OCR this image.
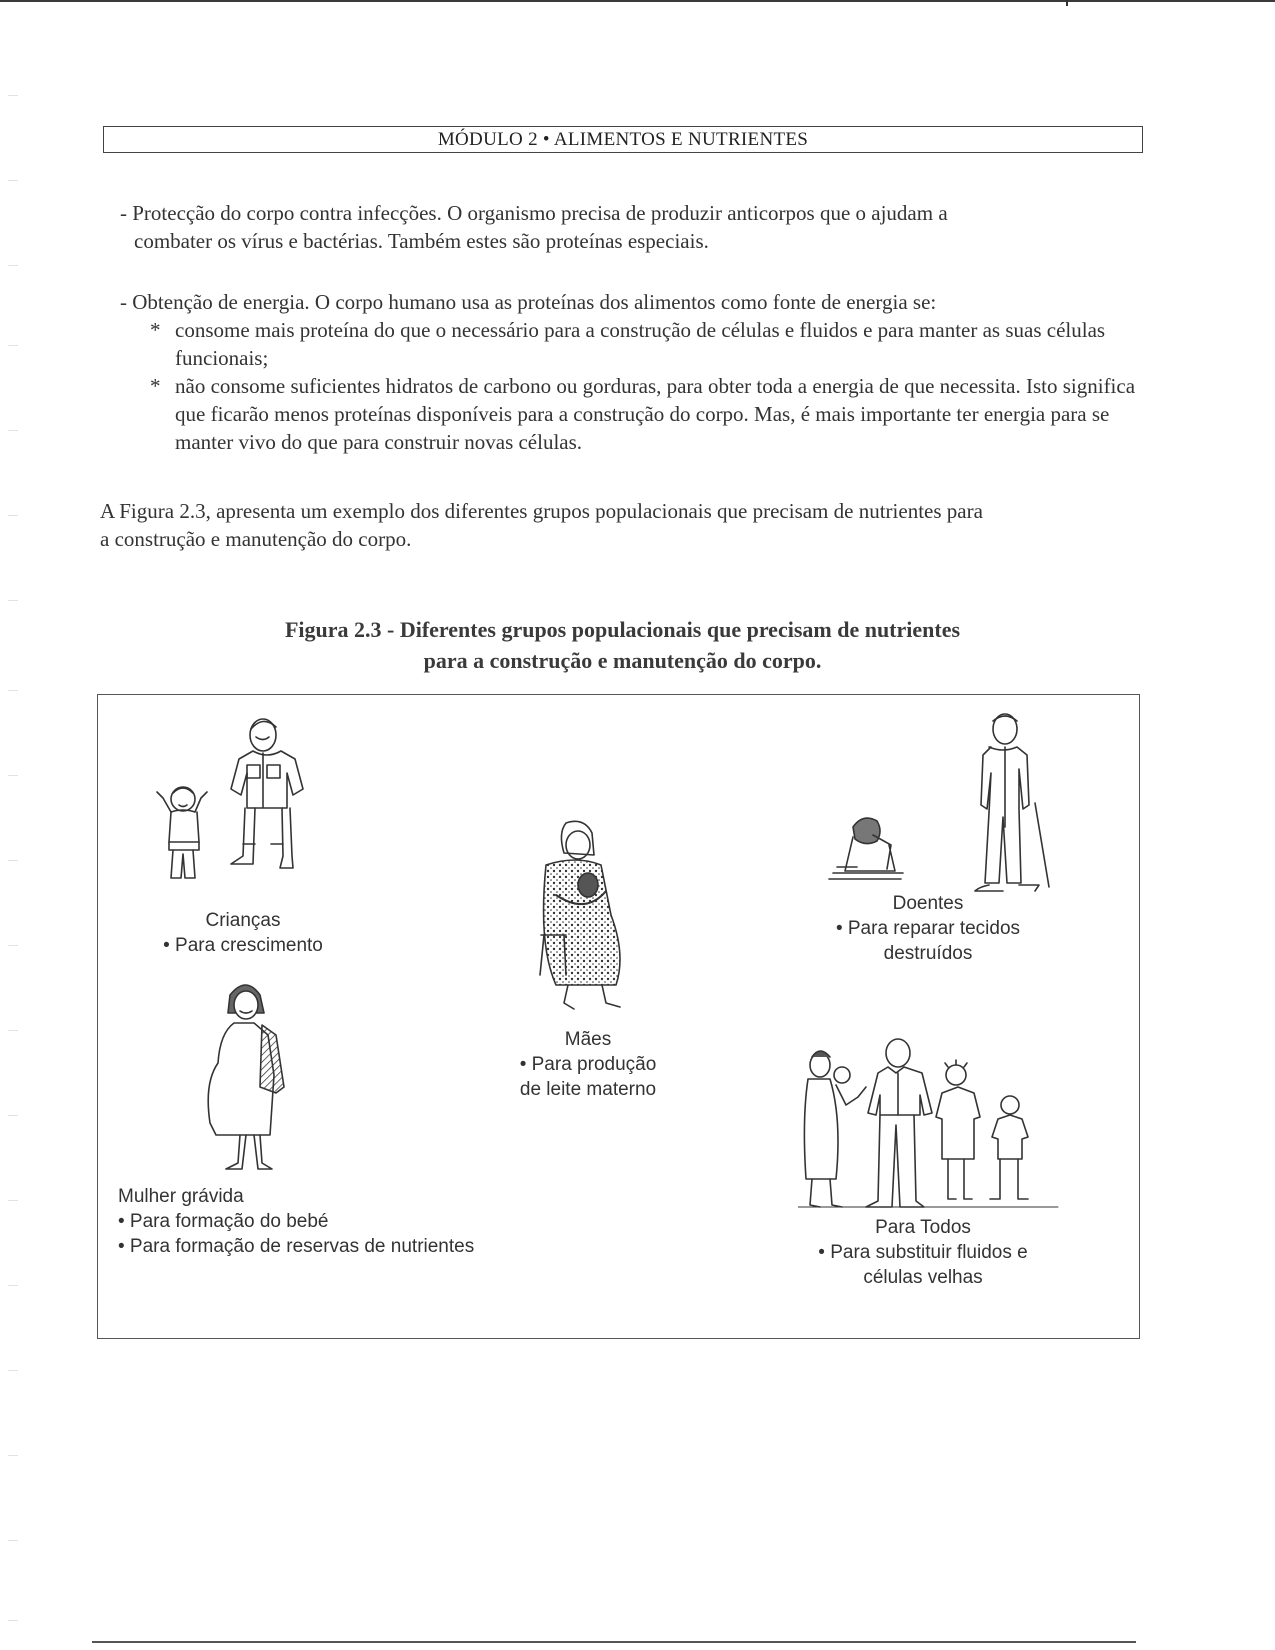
MÓDULO 2 • ALIMENTOS E NUTRIENTES
- Protecção do corpo contra infecções. O organismo precisa de produzir anticorpos que o ajudam a
combater os vírus e bactérias. Também estes são proteínas especiais.
- Obtenção de energia. O corpo humano usa as proteínas dos alimentos como fonte de energia se:
* consome mais proteína do que o necessário para a construção de células e fluidos e para manter as suas células funcionais;
* não consome suficientes hidratos de carbono ou gorduras, para obter toda a energia de que necessita. Isto significa que ficarão menos proteínas disponíveis para a construção do corpo. Mas, é mais importante ter energia para se manter vivo do que para construir novas células.
A Figura 2.3, apresenta um exemplo dos diferentes grupos populacionais que precisam de nutrientes para
a construção e manutenção do corpo.
Figura 2.3 - Diferentes grupos populacionais que precisam de nutrientes
para a construção e manutenção do corpo.
Crianças
• Para crescimento
Mães
• Para produção
de leite materno
Doentes
• Para reparar tecidos
destruídos
Mulher grávida
• Para formação do bebé
• Para formação de reservas de nutrientes
Para Todos
• Para substituir fluidos e
células velhas
